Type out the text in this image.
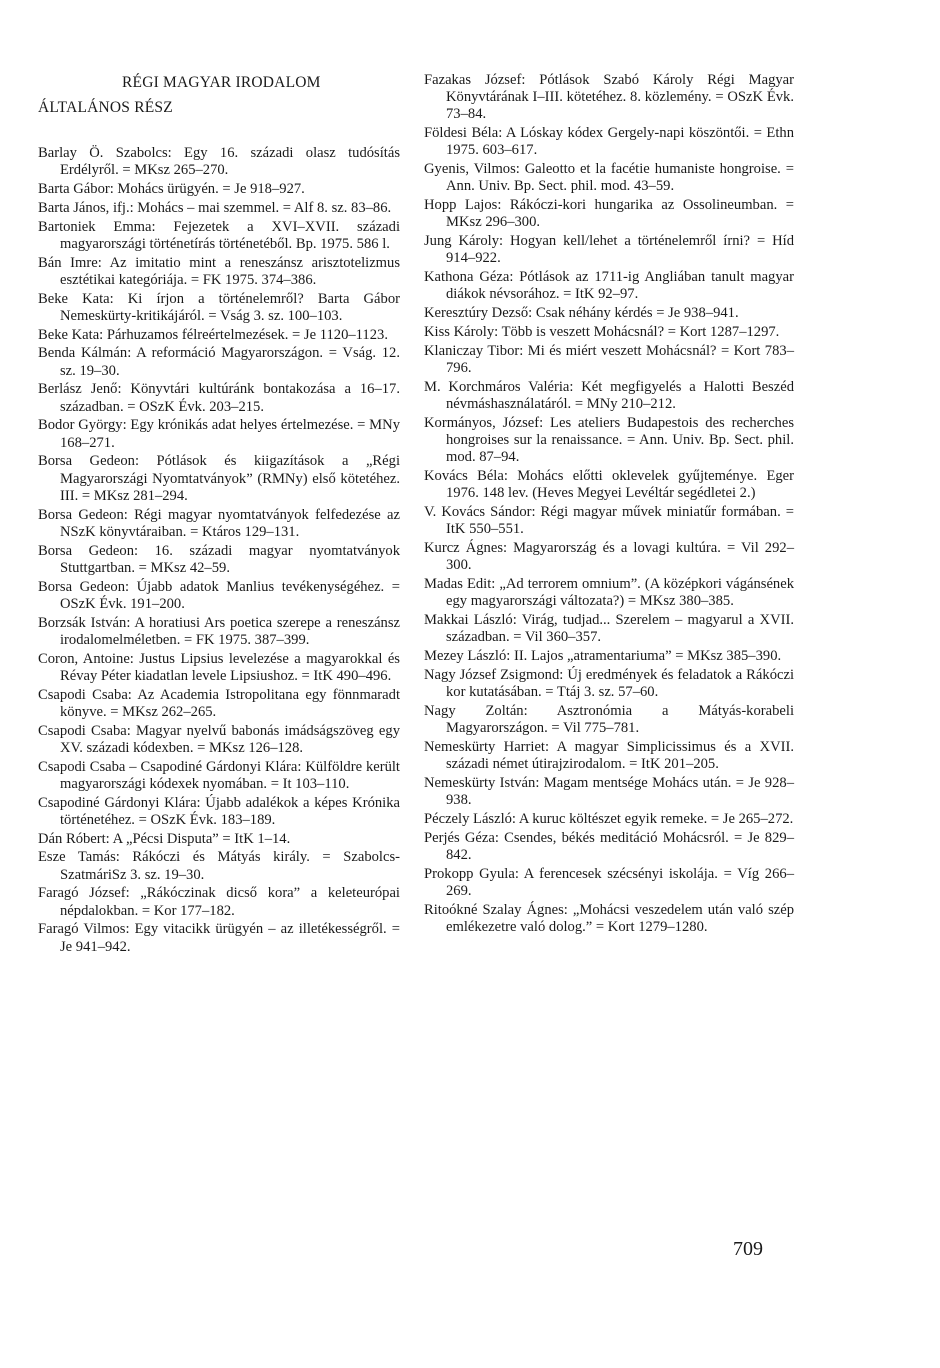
RÉGI MAGYAR IRODALOM
ÁLTALÁNOS RÉSZ

Barlay Ö. Szabolcs: Egy 16. századi olasz tudósítás Erdélyről. = MKsz 265–270.

Barta Gábor: Mohács ürügyén. = Je 918–927.

Barta János, ifj.: Mohács – mai szemmel. = Alf 8. sz. 83–86.

Bartoniek Emma: Fejezetek a XVI–XVII. századi magyarországi történetírás történetéből. Bp. 1975. 586 l.

Bán Imre: Az imitatio mint a reneszánsz arisztotelizmus esztétikai kategóriája. = FK 1975. 374–386.

Beke Kata: Ki írjon a történelemről? Barta Gábor Nemeskürty-kritikájáról. = Vság 3. sz. 100–103.

Beke Kata: Párhuzamos félreértelmezések. = Je 1120–1123.

Benda Kálmán: A reformáció Magyarországon. = Vság. 12. sz. 19–30.

Berlász Jenő: Könyvtári kultúránk bontakozása a 16–17. században. = OSzK Évk. 203–215.

Bodor György: Egy krónikás adat helyes értelmezése. = MNy 168–271.

Borsa Gedeon: Pótlások és kiigazítások a „Régi Magyarországi Nyomtatványok” (RMNy) első kötetéhez. III. = MKsz 281–294.

Borsa Gedeon: Régi magyar nyomtatványok felfedezése az NSzK könyvtáraiban. = Ktáros 129–131.

Borsa Gedeon: 16. századi magyar nyomtatványok Stuttgartban. = MKsz 42–59.

Borsa Gedeon: Újabb adatok Manlius tevékenységéhez. = OSzK Évk. 191–200.

Borzsák István: A horatiusi Ars poetica szerepe a reneszánsz irodalomelméletben. = FK 1975. 387–399.

Coron, Antoine: Justus Lipsius levelezése a magyarokkal és Révay Péter kiadatlan levele Lipsiushoz. = ItK 490–496.

Csapodi Csaba: Az Academia Istropolitana egy fönnmaradt könyve. = MKsz 262–265.

Csapodi Csaba: Magyar nyelvű babonás imádságszöveg egy XV. századi kódexben. = MKsz 126–128.

Csapodi Csaba – Csapodiné Gárdonyi Klára: Külföldre került magyarországi kódexek nyomában. = It 103–110.

Csapodiné Gárdonyi Klára: Újabb adalékok a képes Krónika történetéhez. = OSzK Évk. 183–189.

Dán Róbert: A „Pécsi Disputa” = ItK 1–14.

Esze Tamás: Rákóczi és Mátyás király. = Szabolcs-SzatmáriSz 3. sz. 19–30.

Faragó József: „Rákóczinak dicső kora” a keleteurópai népdalokban. = Kor 177–182.

Faragó Vilmos: Egy vitacikk ürügyén – az illetékességről. = Je 941–942.

Fazakas József: Pótlások Szabó Károly Régi Magyar Könyvtárának I–III. kötetéhez. 8. közlemény. = OSzK Évk. 73–84.

Földesi Béla: A Lóskay kódex Gergely-napi köszöntői. = Ethn 1975. 603–617.

Gyenis, Vilmos: Galeotto et la facétie humaniste hongroise. = Ann. Univ. Bp. Sect. phil. mod. 43–59.

Hopp Lajos: Rákóczi-kori hungarika az Ossolineumban. = MKsz 296–300.

Jung Károly: Hogyan kell/lehet a történelemről írni? = Híd 914–922.

Kathona Géza: Pótlások az 1711-ig Angliában tanult magyar diákok névsorához. = ItK 92–97.

Keresztúry Dezső: Csak néhány kérdés = Je 938–941.

Kiss Károly: Több is veszett Mohácsnál? = Kort 1287–1297.

Klaniczay Tibor: Mi és miért veszett Mohácsnál? = Kort 783–796.

M. Korchmáros Valéria: Két megfigyelés a Halotti Beszéd névmáshasználatáról. = MNy 210–212.

Kormányos, József: Les ateliers Budapestois des recherches hongroises sur la renaissance. = Ann. Univ. Bp. Sect. phil. mod. 87–94.

Kovács Béla: Mohács előtti oklevelek gyűjteménye. Eger 1976. 148 lev. (Heves Megyei Levéltár segédletei 2.)

V. Kovács Sándor: Régi magyar művek miniatűr formában. = ItK 550–551.

Kurcz Ágnes: Magyarország és a lovagi kultúra. = Vil 292–300.

Madas Edit: „Ad terrorem omnium”. (A középkori vágánsének egy magyarországi változata?) = MKsz 380–385.

Makkai László: Virág, tudjad... Szerelem – magyarul a XVII. században. = Vil 360–357.

Mezey László: II. Lajos „atramentariuma” = MKsz 385–390.

Nagy József Zsigmond: Új eredmények és feladatok a Rákóczi kor kutatásában. = Ttáj 3. sz. 57–60.

Nagy Zoltán: Asztronómia a Mátyás-korabeli Magyarországon. = Vil 775–781.

Nemeskürty Harriet: A magyar Simplicissimus és a XVII. századi német útirajzirodalom. = ItK 201–205.

Nemeskürty István: Magam mentsége Mohács után. = Je 928–938.

Péczely László: A kuruc költészet egyik remeke. = Je 265–272.

Perjés Géza: Csendes, békés meditáció Mohácsról. = Je 829–842.

Prokopp Gyula: A ferencesek szécsényi iskolája. = Víg 266–269.

Ritoókné Szalay Ágnes: „Mohácsi veszedelem után való szép emlékezetre való dolog.” = Kort 1279–1280.

709
